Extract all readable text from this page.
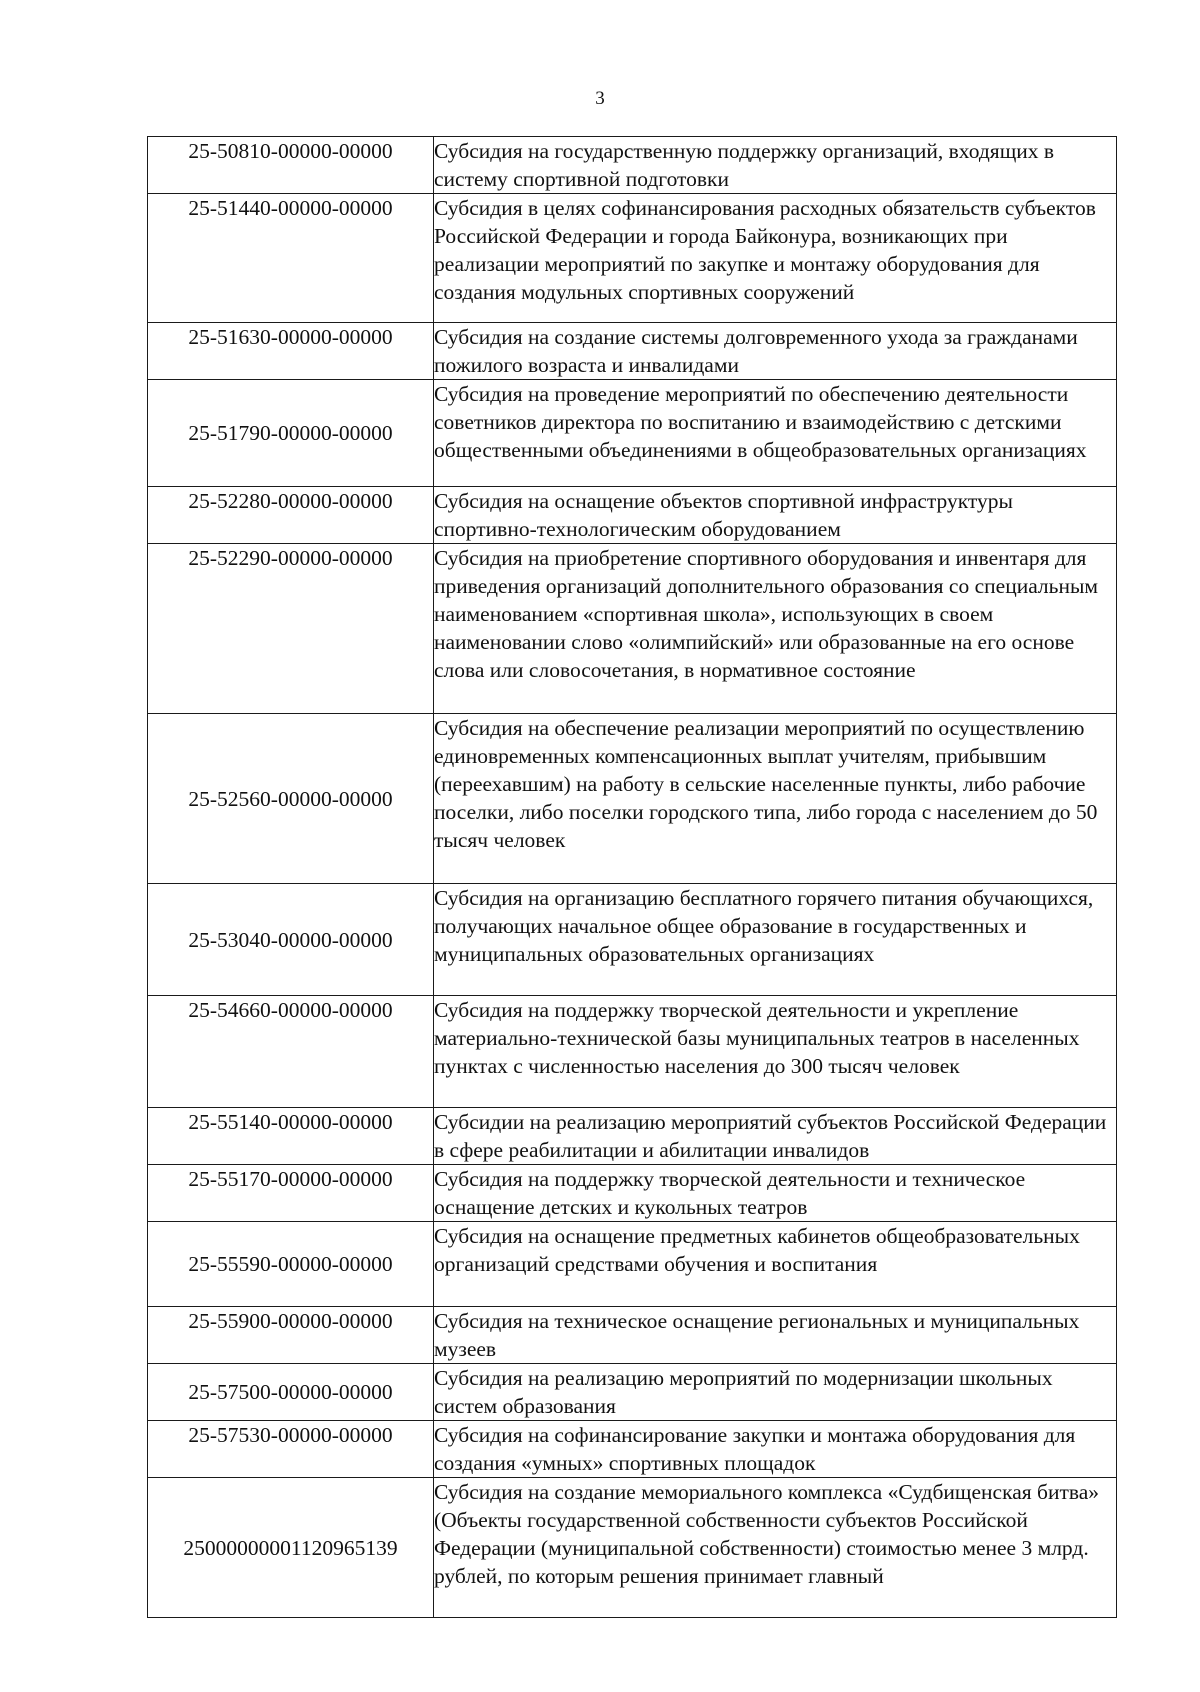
3
25-50810-00000-00000	Субсидия на государственную поддержку организаций, входящих в систему спортивной подготовки

25-51440-00000-00000	Субсидия в целях софинансирования расходных обязательств субъектов Российской Федерации и города Байконура, возникающих при реализации мероприятий по закупке и монтажу оборудования для создания модульных спортивных сооружений

25-51630-00000-00000	Субсидия на создание системы долговременного ухода за гражданами пожилого возраста и инвалидами

25-51790-00000-00000	Субсидия на проведение мероприятий по обеспечению деятельности советников директора по воспитанию и взаимодействию с детскими общественными объединениями в общеобразовательных организациях

25-52280-00000-00000	Субсидия на оснащение объектов спортивной инфраструктуры спортивно-технологическим оборудованием

25-52290-00000-00000	Субсидия на приобретение спортивного оборудования и инвентаря для приведения организаций дополнительного образования со специальным наименованием «спортивная школа», использующих в своем наименовании слово «олимпийский» или образованные на его основе слова или словосочетания, в нормативное состояние

25-52560-00000-00000	Субсидия на обеспечение реализации мероприятий по осуществлению единовременных компенсационных выплат учителям, прибывшим (переехавшим) на работу в сельские населенные пункты, либо рабочие поселки, либо поселки городского типа, либо города с населением до 50 тысяч человек

25-53040-00000-00000	Субсидия на организацию бесплатного горячего питания обучающихся, получающих начальное общее образование в государственных и муниципальных образовательных организациях

25-54660-00000-00000	Субсидия на поддержку творческой деятельности и укрепление материально-технической базы муниципальных театров в населенных пунктах с численностью населения до 300 тысяч человек

25-55140-00000-00000	Субсидии на реализацию мероприятий субъектов Российской Федерации в сфере реабилитации и абилитации инвалидов

25-55170-00000-00000	Субсидия на поддержку творческой деятельности и техническое оснащение детских и кукольных театров

25-55590-00000-00000	Субсидия на оснащение предметных кабинетов общеобразовательных организаций средствами обучения и воспитания

25-55900-00000-00000	Субсидия на техническое оснащение региональных и муниципальных музеев

25-57500-00000-00000	Субсидия на реализацию мероприятий по модернизации школьных систем образования

25-57530-00000-00000	Субсидия на софинансирование закупки и монтажа оборудования для создания «умных» спортивных площадок

25000000001120965139	Субсидия на создание мемориального комплекса «Судбищенская битва» (Объекты государственной собственности субъектов Российской Федерации (муниципальной собственности) стоимостью менее 3 млрд. рублей, по которым решения принимает главный
